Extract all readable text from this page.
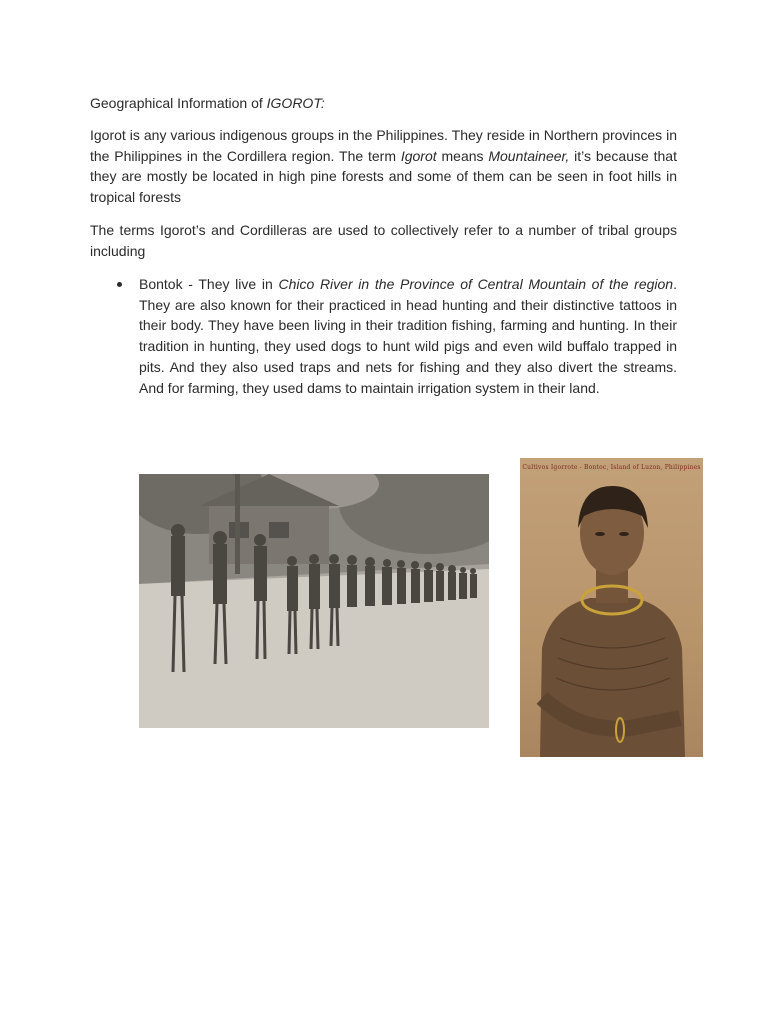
Geographical Information of IGOROT:

Igorot is any various indigenous groups in the Philippines. They reside in Northern provinces in the Philippines in the Cordillera region. The term Igorot means Mountaineer, it’s because that they are mostly be located in high pine forests and some of them can be seen in foot hills in tropical forests

The terms Igorot’s and Cordilleras are used to collectively refer to a number of tribal groups including

Bontok - They live in Chico River in the Province of Central Mountain of the region. They are also known for their practiced in head hunting and their distinctive tattoos in their body. They have been living in their tradition fishing, farming and hunting. In their tradition in hunting, they used dogs to hunt wild pigs and even wild buffalo trapped in pits. And they also used traps and nets for fishing and they also divert the streams. And for farming, they used dams to maintain irrigation system in their land.
Cultivos Igorrote - Bontoc, Island of Luzon, Philippines
